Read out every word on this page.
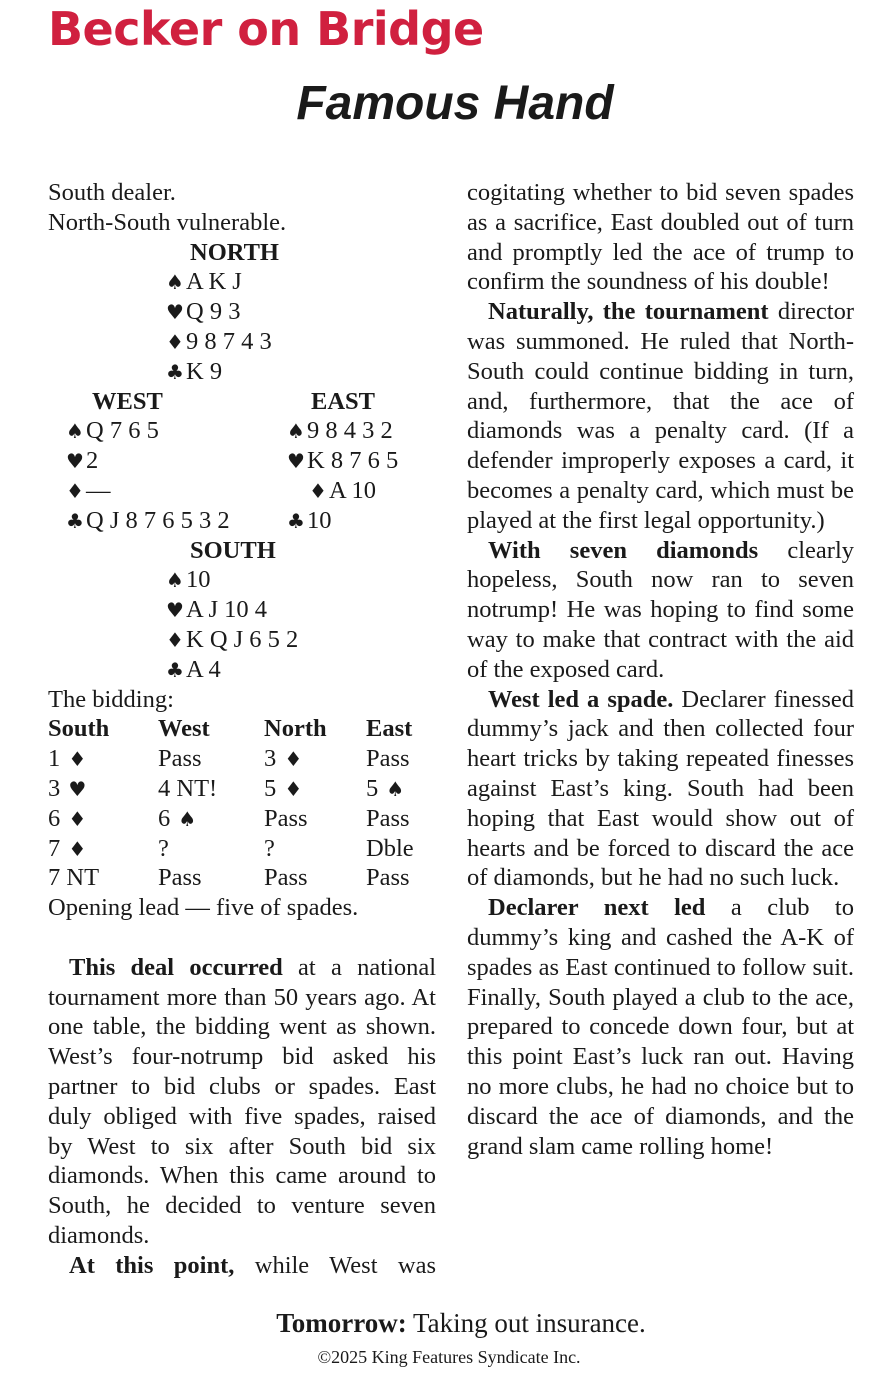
Becker on Bridge
Famous Hand
South dealer.
North-South vulnerable.
NORTH
♠A K J
♥Q 9 3
♦9 8 7 4 3
♣K 9
WEST
♠Q 7 6 5
♥2
♦—
♣Q J 8 7 6 5 3 2
EAST
♠9 8 4 3 2
♥K 8 7 6 5
♦A 10
♣10
SOUTH
♠10
♥A J 10 4
♦K Q J 6 5 2
♣A 4
The bidding:
South	West	North	East
1 ♦	Pass	3 ♦	Pass
3 ♥	4 NT!	5 ♦	5 ♠
6 ♦	6 ♠	Pass	Pass
7 ♦	?	?	Dble
7 NT	Pass	Pass	Pass
Opening lead — five of spades.

This deal occurred at a national tournament more than 50 years ago. At one table, the bidding went as shown. West’s four-notrump bid asked his partner to bid clubs or spades. East duly obliged with five spades, raised by West to six after South bid six diamonds. When this came around to South, he decided to venture seven diamonds.

At this point, while West was

cogitating whether to bid seven spades as a sacrifice, East doubled out of turn and promptly led the ace of trump to confirm the soundness of his double!

Naturally, the tournament director was summoned. He ruled that North-South could continue bidding in turn, and, furthermore, that the ace of diamonds was a penalty card. (If a defender improperly exposes a card, it becomes a penalty card, which must be played at the first legal opportunity.)

With seven diamonds clearly hopeless, South now ran to seven notrump! He was hoping to find some way to make that contract with the aid of the exposed card.

West led a spade. Declarer finessed dummy’s jack and then collected four heart tricks by taking repeated finesses against East’s king. South had been hoping that East would show out of hearts and be forced to discard the ace of diamonds, but he had no such luck.

Declarer next led a club to dummy’s king and cashed the A-K of spades as East continued to follow suit. Finally, South played a club to the ace, prepared to concede down four, but at this point East’s luck ran out. Having no more clubs, he had no choice but to discard the ace of diamonds, and the grand slam came rolling home!

Tomorrow: Taking out insurance.
©2025 King Features Syndicate Inc.
